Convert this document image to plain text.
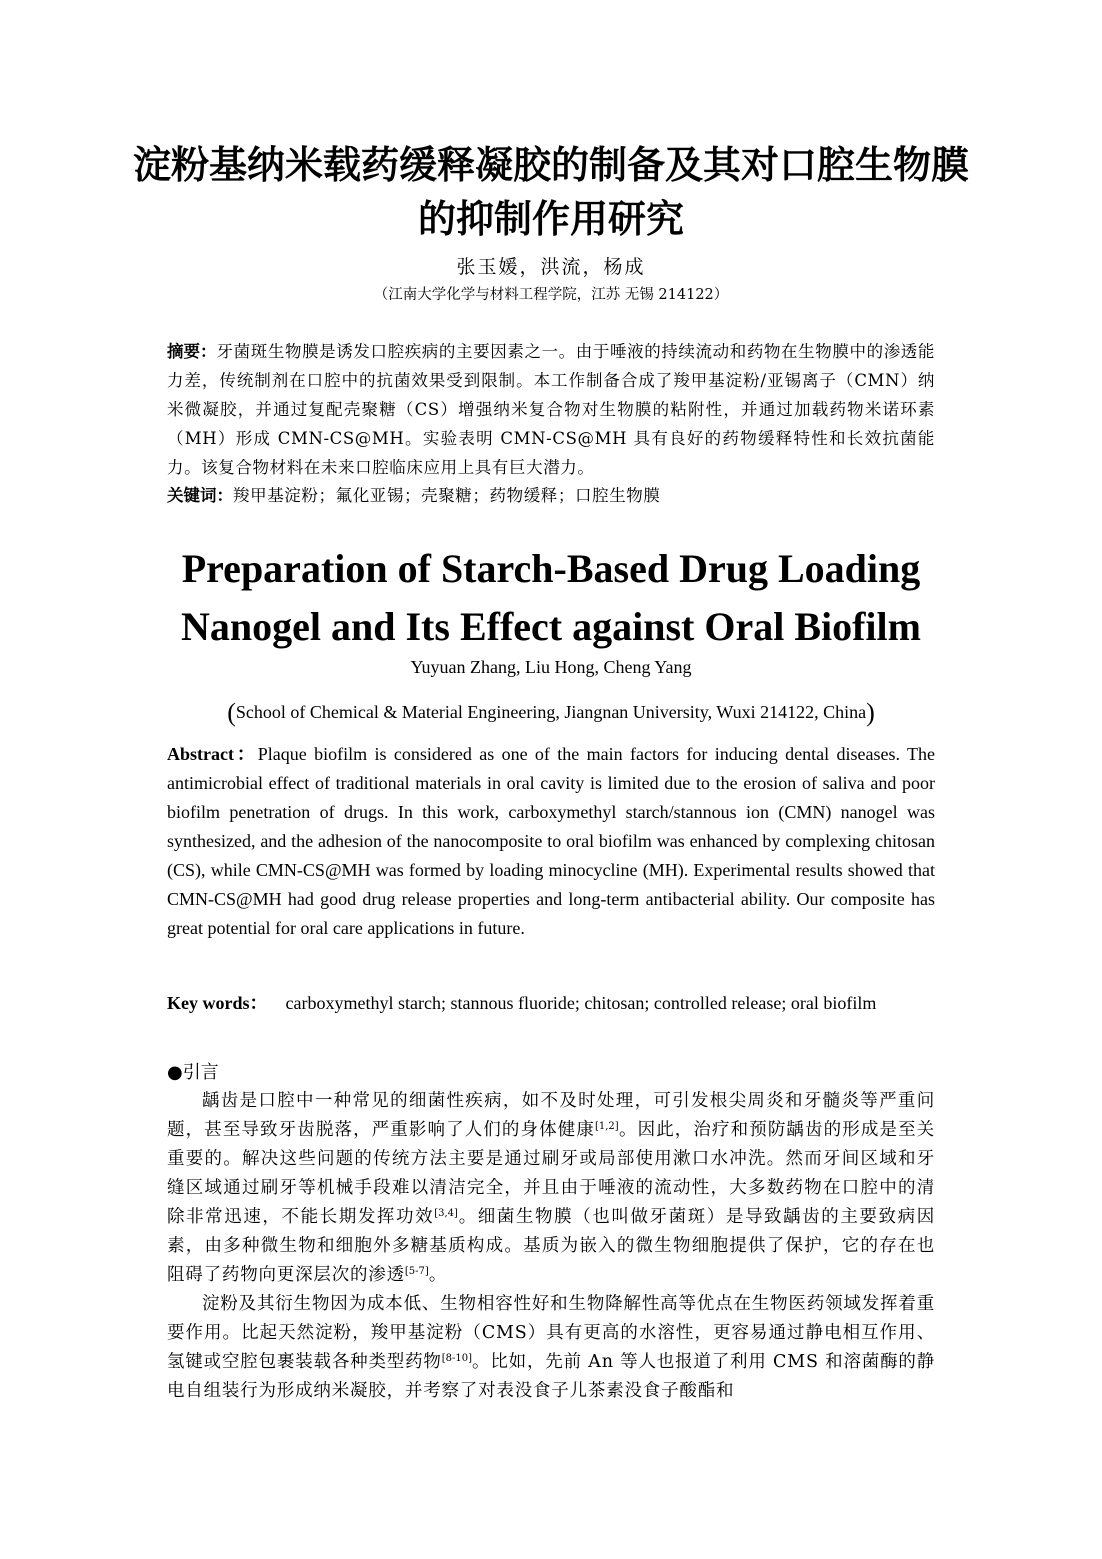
淀粉基纳米载药缓释凝胶的制备及其对口腔生物膜的抑制作用研究
张玉媛，洪流，杨成
（江南大学化学与材料工程学院，江苏 无锡 214122）
摘要：牙菌斑生物膜是诱发口腔疾病的主要因素之一。由于唾液的持续流动和药物在生物膜中的渗透能力差，传统制剂在口腔中的抗菌效果受到限制。本工作制备合成了羧甲基淀粉/亚锡离子（CMN）纳米微凝胶，并通过复配壳聚糖（CS）增强纳米复合物对生物膜的粘附性，并通过加载药物米诺环素（MH）形成 CMN-CS@MH。实验表明 CMN-CS@MH 具有良好的药物缓释特性和长效抗菌能力。该复合物材料在未来口腔临床应用上具有巨大潜力。
关键词：羧甲基淀粉；氟化亚锡；壳聚糖；药物缓释；口腔生物膜
Preparation of Starch-Based Drug Loading
Nanogel and Its Effect against Oral Biofilm
Yuyuan Zhang, Liu Hong, Cheng Yang
(School of Chemical & Material Engineering, Jiangnan University, Wuxi 214122, China)
Abstract：Plaque biofilm is considered as one of the main factors for inducing dental diseases. The antimicrobial effect of traditional materials in oral cavity is limited due to the erosion of saliva and poor biofilm penetration of drugs. In this work, carboxymethyl starch/stannous ion (CMN) nanogel was synthesized, and the adhesion of the nanocomposite to oral biofilm was enhanced by complexing chitosan (CS), while CMN-CS@MH was formed by loading minocycline (MH). Experimental results showed that CMN-CS@MH had good drug release properties and long-term antibacterial ability. Our composite has great potential for oral care applications in future.
Key words： carboxymethyl starch; stannous fluoride; chitosan; controlled release; oral biofilm
●引言

龋齿是口腔中一种常见的细菌性疾病，如不及时处理，可引发根尖周炎和牙髓炎等严重问题，甚至导致牙齿脱落，严重影响了人们的身体健康[1,2]。因此，治疗和预防龋齿的形成是至关重要的。解决这些问题的传统方法主要是通过刷牙或局部使用漱口水冲洗。然而牙间区域和牙缝区域通过刷牙等机械手段难以清洁完全，并且由于唾液的流动性，大多数药物在口腔中的清除非常迅速，不能长期发挥功效[3,4]。细菌生物膜（也叫做牙菌斑）是导致龋齿的主要致病因素，由多种微生物和细胞外多糖基质构成。基质为嵌入的微生物细胞提供了保护，它的存在也阻碍了药物向更深层次的渗透[5-7]。

淀粉及其衍生物因为成本低、生物相容性好和生物降解性高等优点在生物医药领域发挥着重要作用。比起天然淀粉，羧甲基淀粉（CMS）具有更高的水溶性，更容易通过静电相互作用、氢键或空腔包裹装载各种类型药物[8-10]。比如，先前 An 等人也报道了利用 CMS 和溶菌酶的静电自组装行为形成纳米凝胶，并考察了对表没食子儿茶素没食子酸酯和
